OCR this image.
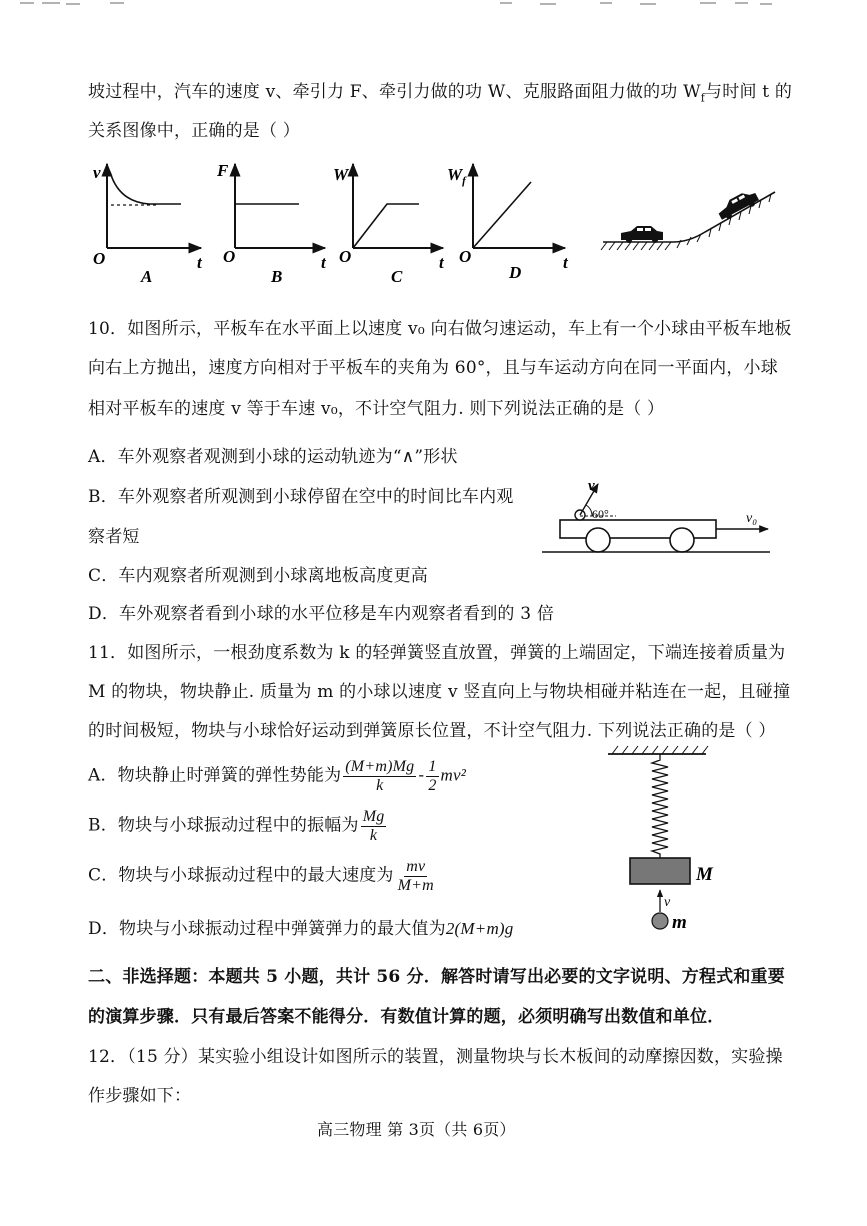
坡过程中，汽车的速度 v、牵引力 F、牵引力做的功 W、克服路面阻力做的功 $W_f$与时间 t 的
关系图像中，正确的是（ ）
v
O	t
A
F
O	t
B
W
O	t
C
$W_f$
O	t
D
10．如图所示，平板车在水平面上以速度 v₀ 向右做匀速运动，车上有一个小球由平板车地板
向右上方抛出，速度方向相对于平板车的夹角为 60°，且与车运动方向在同一平面内，小球
相对平板车的速度 v 等于车速 v₀，不计空气阻力. 则下列说法正确的是（ ）
A．车外观察者观测到小球的运动轨迹为“∧”形状
B．车外观察者所观测到小球停留在空中的时间比车内观
察者短
C．车内观察者所观测到小球离地板高度更高
D．车外观察者看到小球的水平位移是车内观察者看到的 3 倍
v
60°	v₀
11．如图所示，一根劲度系数为 k 的轻弹簧竖直放置，弹簧的上端固定，下端连接着质量为
M 的物块，物块静止. 质量为 m 的小球以速度 v 竖直向上与物块相碰并粘连在一起，且碰撞
的时间极短，物块与小球恰好运动到弹簧原长位置，不计空气阻力. 下列说法正确的是（ ）
A．物块静止时弹簧的弹性势能为 $\frac{(M+m)Mg}{k} - \frac{1}{2} mv^2$
B．物块与小球振动过程中的振幅为 $\frac{Mg}{k}$
C．物块与小球振动过程中的最大速度为 $\frac{mv}{M+m}$
D．物块与小球振动过程中弹簧弹力的最大值为2(M+m)g
M
v
m
二、非选择题：本题共 5 小题，共计 56 分．解答时请写出必要的文字说明、方程式和重要
的演算步骤．只有最后答案不能得分．有数值计算的题，必须明确写出数值和单位．
12．（15 分）某实验小组设计如图所示的装置，测量物块与长木板间的动摩擦因数，实验操
作步骤如下：
高三物理 第 3页（共 6页）
